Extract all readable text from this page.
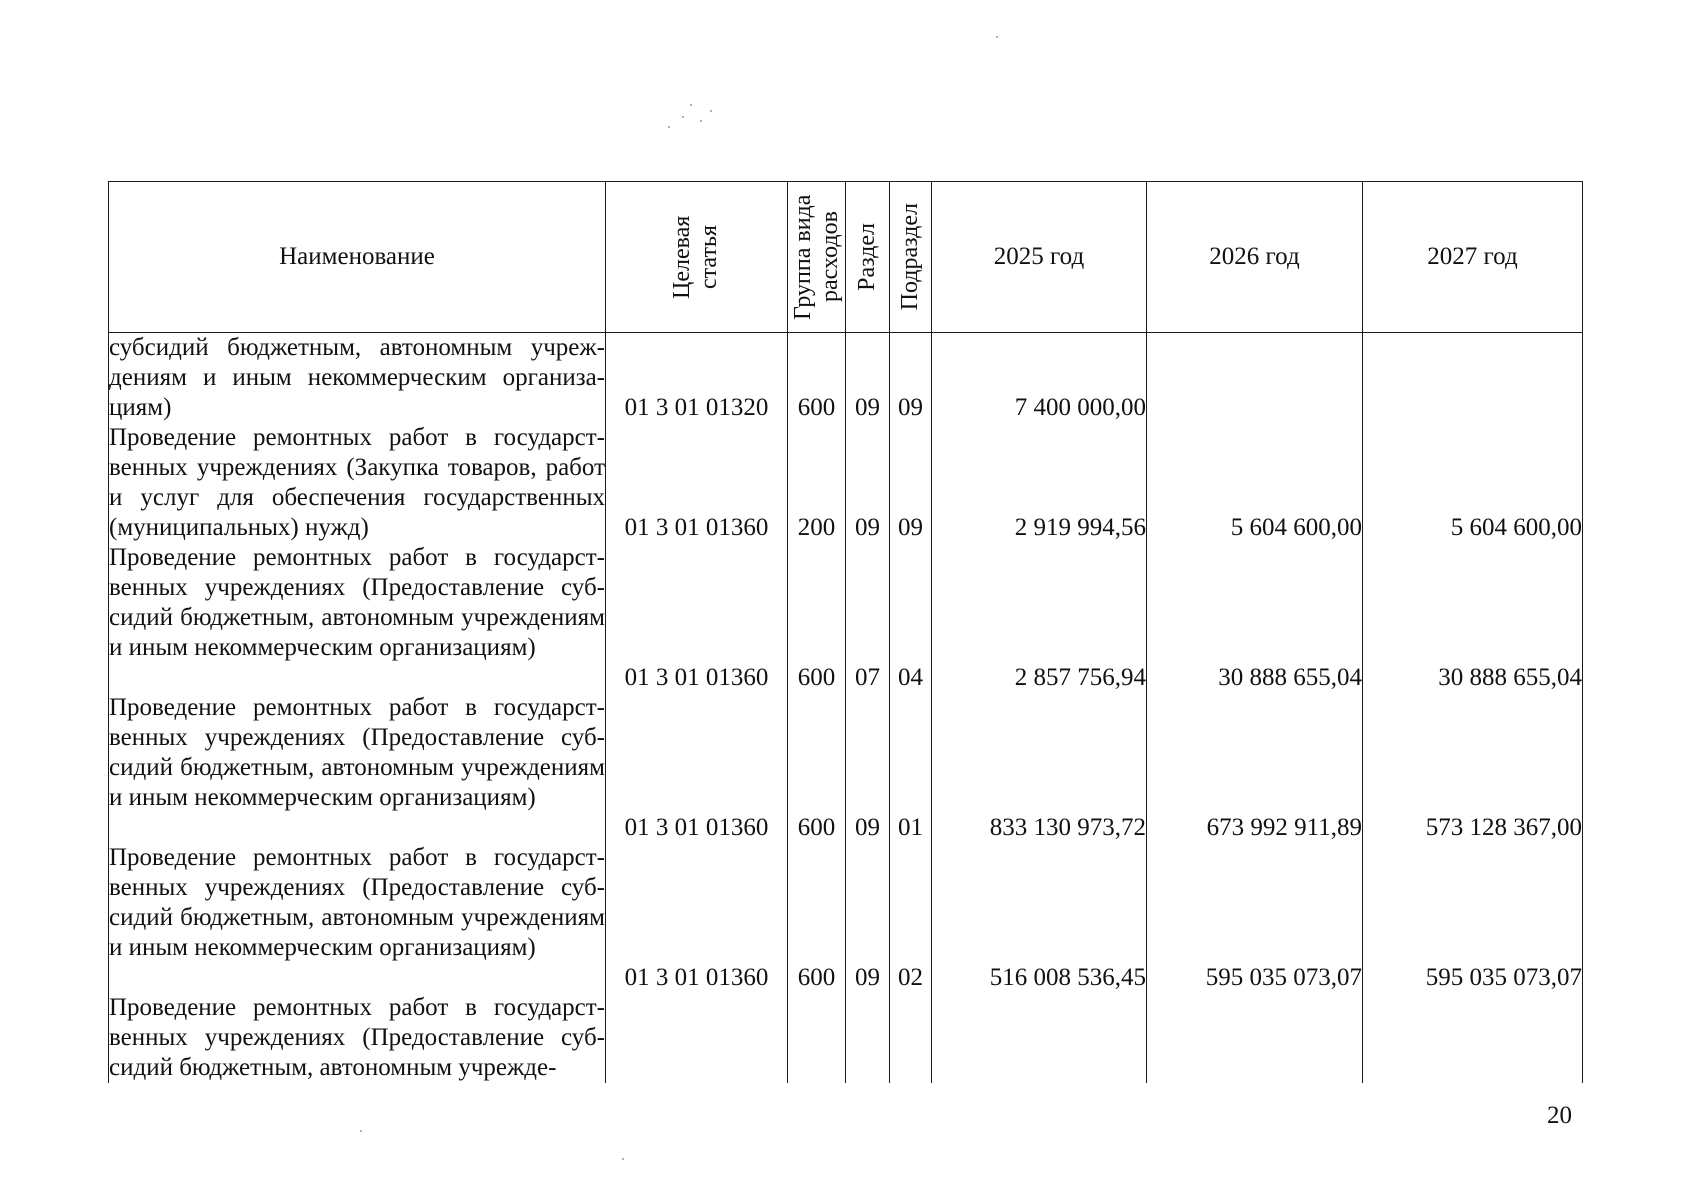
Наименование	Целевая статья	Группа вида расходов	Раздел	Подраздел	2025 год	2026 год	2027 год
субсидий бюджетным, автономным учреждениям и иным некоммерческим организациям)	01 3 01 01320	600	09	09	7 400 000,00		
Проведение ремонтных работ в государственных учреждениях (Закупка товаров, работ и услуг для обеспечения государственных (муниципальных) нужд)	01 3 01 01360	200	09	09	2 919 994,56	5 604 600,00	5 604 600,00
Проведение ремонтных работ в государственных учреждениях (Предоставление субсидий бюджетным, автономным учреждениям и иным некоммерческим организациям)	01 3 01 01360	600	07	04	2 857 756,94	30 888 655,04	30 888 655,04
Проведение ремонтных работ в государственных учреждениях (Предоставление субсидий бюджетным, автономным учреждениям и иным некоммерческим организациям)	01 3 01 01360	600	09	01	833 130 973,72	673 992 911,89	573 128 367,00
Проведение ремонтных работ в государственных учреждениях (Предоставление субсидий бюджетным, автономным учреждениям и иным некоммерческим организациям)	01 3 01 01360	600	09	02	516 008 536,45	595 035 073,07	595 035 073,07
Проведение ремонтных работ в государственных учреждениях (Предоставление субсидий бюджетным, автономным учрежде-							
20
